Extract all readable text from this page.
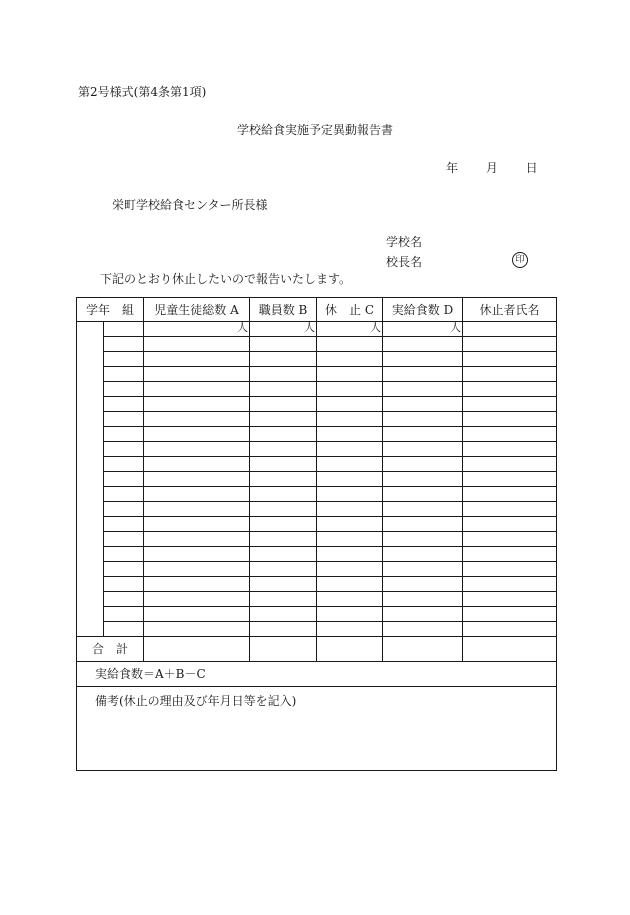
第2号様式(第4条第1項)
学校給食実施予定異動報告書
年 月 日
栄町学校給食センター所長様
学校名
校長名	印
下記のとおり休止したいので報告いたします。
学年　組		児童生徒総数 A	職員数 B	休　止 C	実給食数 D	休止者氏名
		人	人	人	人	

合　計						
実給食数＝A＋B－C						
備考(休止の理由及び年月日等を記入)						
